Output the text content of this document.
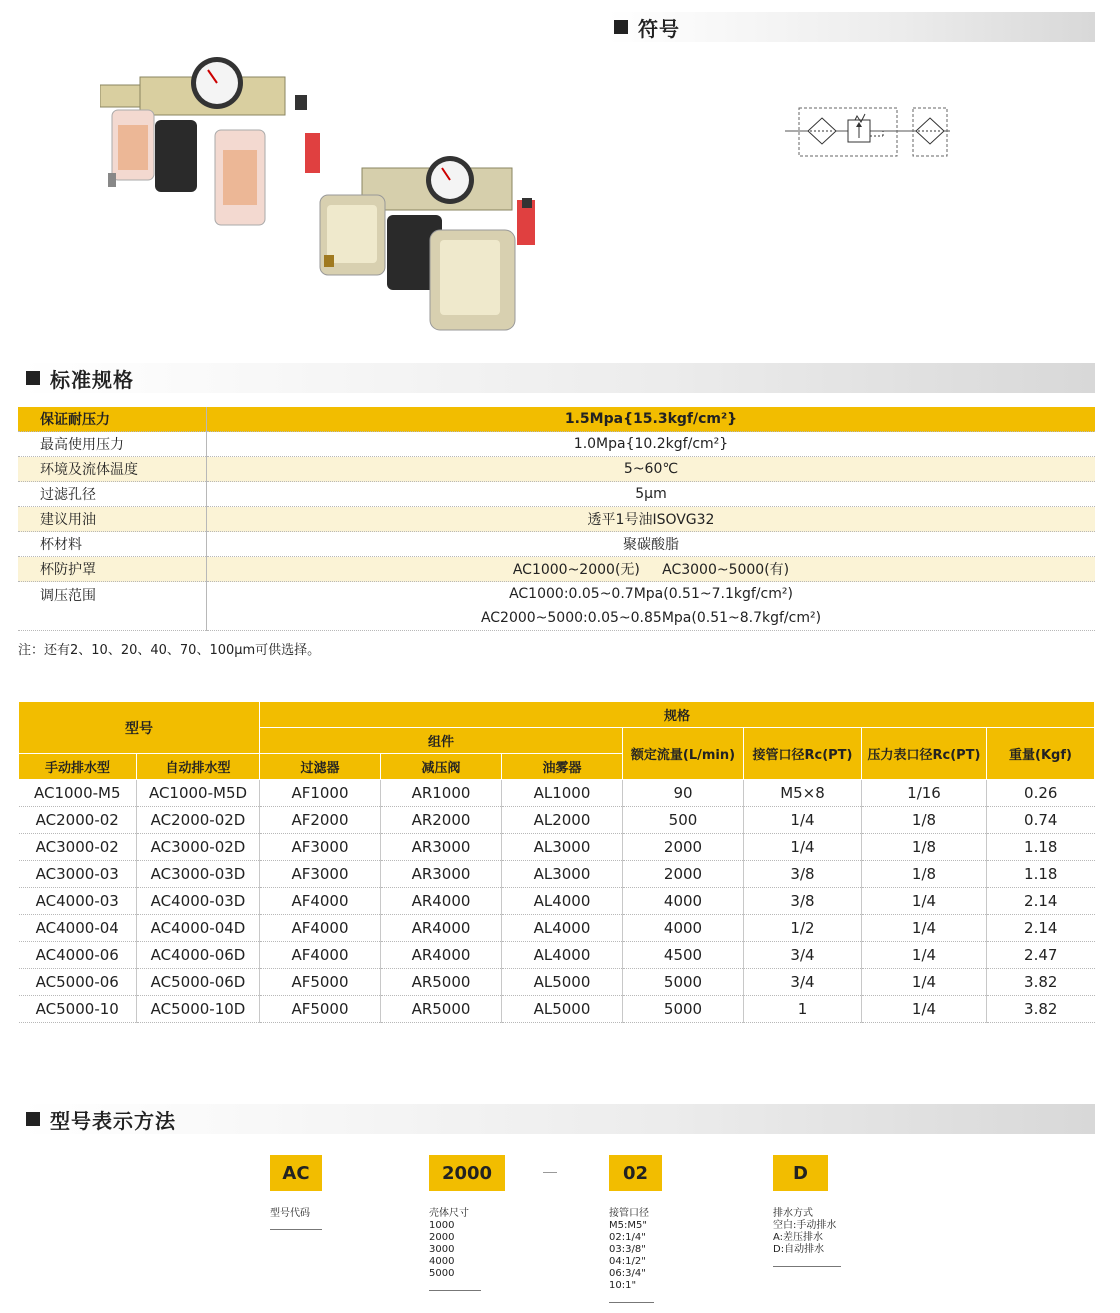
符号
标准规格
保证耐压力	1.5Mpa{15.3kgf/cm²}
最高使用压力	1.0Mpa{10.2kgf/cm²}
环境及流体温度	5~60℃
过滤孔径	5μm
建议用油	透平1号油ISOVG32
杯材料	聚碳酸脂
杯防护罩	AC1000~2000(无)     AC3000~5000(有)
调压范围	AC1000:0.05~0.7Mpa(0.51~7.1kgf/cm²)
	AC2000~5000:0.05~0.85Mpa(0.51~8.7kgf/cm²)
注：还有2、10、20、40、70、100μm可供选择。
型号		规格						
		组件			额定流量(L/min)	接管口径Rc(PT)	压力表口径Rc(PT)	重量(Kgf)
手动排水型	自动排水型	过滤器	减压阀	油雾器				
AC1000-M5	AC1000-M5D	AF1000	AR1000	AL1000	90	M5×8	1/16	0.26
AC2000-02	AC2000-02D	AF2000	AR2000	AL2000	500	1/4	1/8	0.74
AC3000-02	AC3000-02D	AF3000	AR3000	AL3000	2000	1/4	1/8	1.18
AC3000-03	AC3000-03D	AF3000	AR3000	AL3000	2000	3/8	1/8	1.18
AC4000-03	AC4000-03D	AF4000	AR4000	AL4000	4000	3/8	1/4	2.14
AC4000-04	AC4000-04D	AF4000	AR4000	AL4000	4000	1/2	1/4	2.14
AC4000-06	AC4000-06D	AF4000	AR4000	AL4000	4500	3/4	1/4	2.47
AC5000-06	AC5000-06D	AF5000	AR5000	AL5000	5000	3/4	1/4	3.82
AC5000-10	AC5000-10D	AF5000	AR5000	AL5000	5000	1	1/4	3.82
型号表示方法
AC	2000	02	D
型号代码	壳体尺寸
1000
2000
3000
4000
5000
接管口径
M5:M5"
02:1/4"
03:3/8"
04:1/2"
06:3/4"
10:1"
排水方式
空白:手动排水
A:差压排水
D:自动排水
